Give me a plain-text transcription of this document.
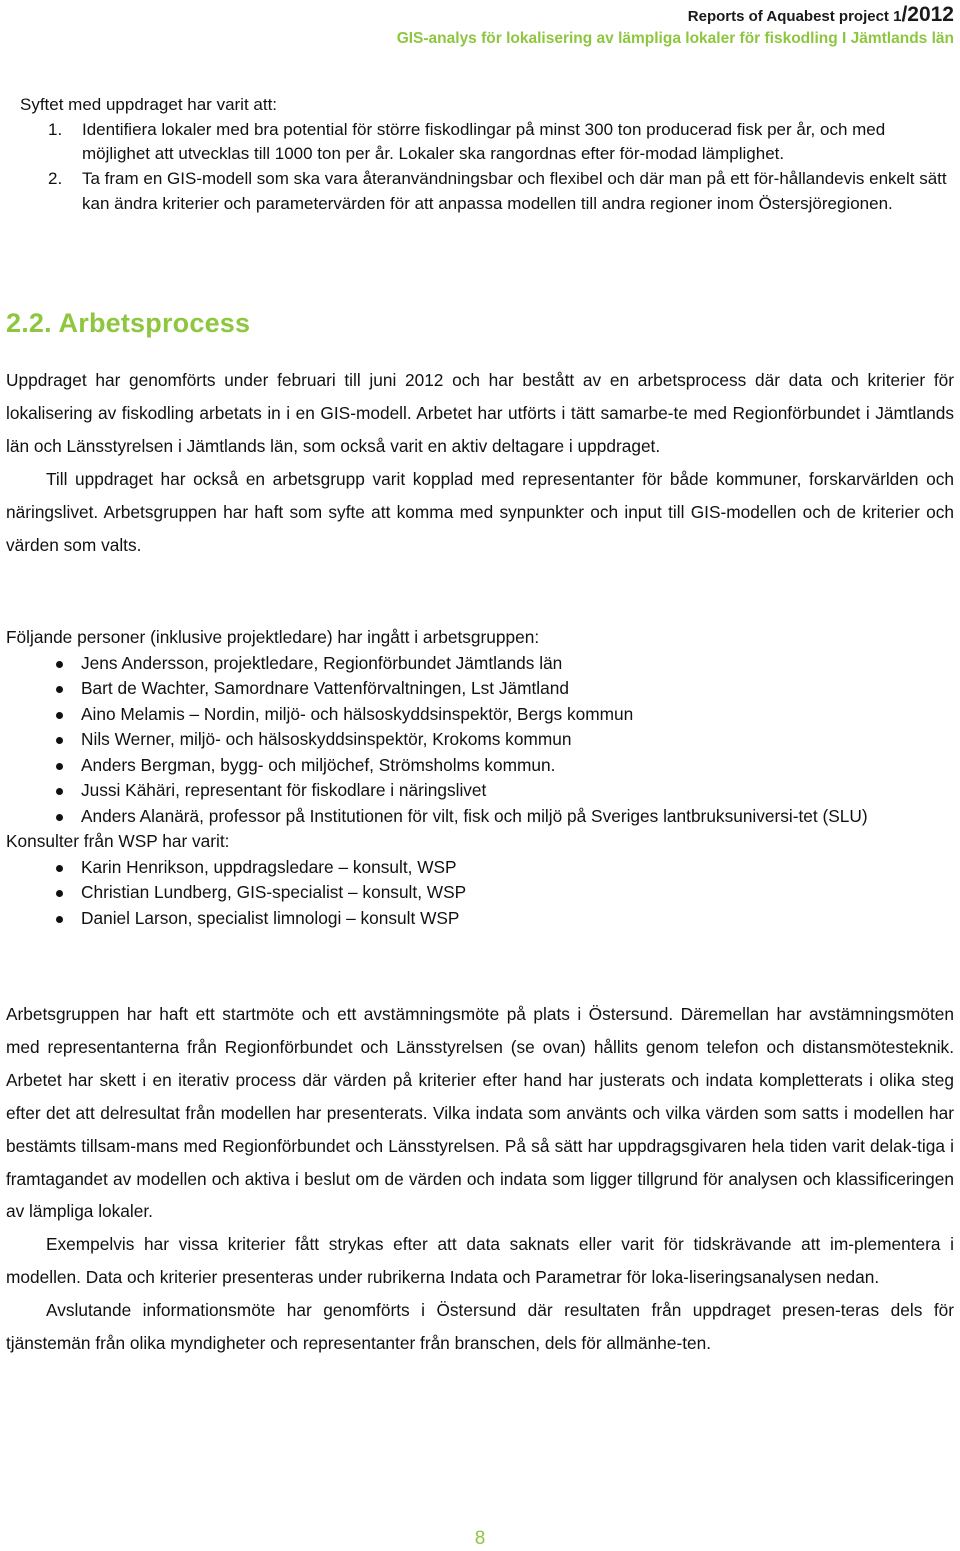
Reports of Aquabest project 1/2012
GIS-analys för lokalisering av lämpliga lokaler för fiskodling I Jämtlands län
Syftet med uppdraget har varit att:
1. Identifiera lokaler med bra potential för större fiskodlingar på minst 300 ton producerad fisk per år, och med möjlighet att utvecklas till 1000 ton per år. Lokaler ska rangordnas efter för-modad lämplighet.
2. Ta fram en GIS-modell som ska vara återanvändningsbar och flexibel och där man på ett för-hållandevis enkelt sätt kan ändra kriterier och parametervärden för att anpassa modellen till andra regioner inom Östersjöregionen.
2.2. Arbetsprocess
Uppdraget har genomförts under februari till juni 2012 och har bestått av en arbetsprocess där data och kriterier för lokalisering av fiskodling arbetats in i en GIS-modell. Arbetet har utförts i tätt samarbe-te med Regionförbundet i Jämtlands län och Länsstyrelsen i Jämtlands län, som också varit en aktiv deltagare i uppdraget.
Till uppdraget har också en arbetsgrupp varit kopplad med representanter för både kommuner, forskarvärlden och näringslivet. Arbetsgruppen har haft som syfte att komma med synpunkter och input till GIS-modellen och de kriterier och värden som valts.
Följande personer (inklusive projektledare) har ingått i arbetsgruppen:
Jens Andersson, projektledare, Regionförbundet Jämtlands län
Bart de Wachter, Samordnare Vattenförvaltningen, Lst Jämtland
Aino Melamis – Nordin, miljö- och hälsoskyddsinspektör, Bergs kommun
Nils Werner, miljö- och hälsoskyddsinspektör, Krokoms kommun
Anders Bergman, bygg- och miljöchef, Strömsholms kommun.
Jussi Kähäri, representant för fiskodlare i näringslivet
Anders Alanärä, professor på Institutionen för vilt, fisk och miljö på Sveriges lantbruksuniversi-tet (SLU)
Konsulter från WSP har varit:
Karin Henrikson, uppdragsledare – konsult, WSP
Christian Lundberg, GIS-specialist – konsult, WSP
Daniel Larson, specialist limnologi – konsult WSP
Arbetsgruppen har haft ett startmöte och ett avstämningsmöte på plats i Östersund. Däremellan har avstämningsmöten med representanterna från Regionförbundet och Länsstyrelsen (se ovan) hållits genom telefon och distansmötesteknik. Arbetet har skett i en iterativ process där värden på kriterier efter hand har justerats och indata kompletterats i olika steg efter det att delresultat från modellen har presenterats. Vilka indata som använts och vilka värden som satts i modellen har bestämts tillsam-mans med Regionförbundet och Länsstyrelsen. På så sätt har uppdragsgivaren hela tiden varit delak-tiga i framtagandet av modellen och aktiva i beslut om de värden och indata som ligger tillgrund för analysen och klassificeringen av lämpliga lokaler.
Exempelvis har vissa kriterier fått strykas efter att data saknats eller varit för tidskrävande att im-plementera i modellen. Data och kriterier presenteras under rubrikerna Indata och Parametrar för loka-liseringsanalysen nedan.
Avslutande informationsmöte har genomförts i Östersund där resultaten från uppdraget presen-teras dels för tjänstemän från olika myndigheter och representanter från branschen, dels för allmänhe-ten.
8
